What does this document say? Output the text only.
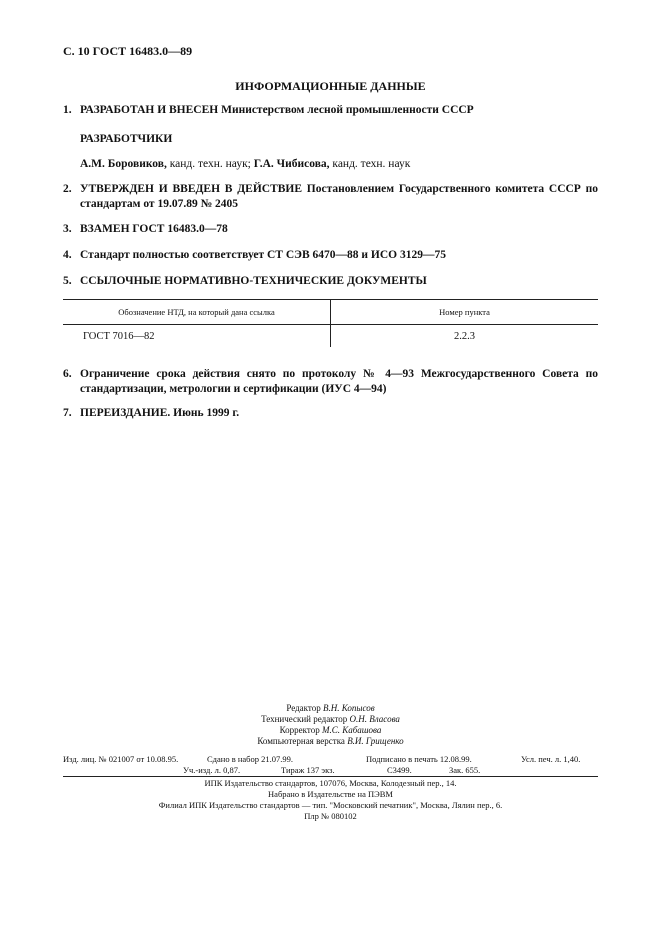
С. 10 ГОСТ 16483.0—89
ИНФОРМАЦИОННЫЕ ДАННЫЕ
1. РАЗРАБОТАН И ВНЕСЕН Министерством лесной промышленности СССР
РАЗРАБОТЧИКИ
А.М. Боровиков, канд. техн. наук; Г.А. Чибисова, канд. техн. наук
2. УТВЕРЖДЕН И ВВЕДЕН В ДЕЙСТВИЕ Постановлением Государственного комитета СССР по стандартам от 19.07.89 № 2405
3. ВЗАМЕН ГОСТ 16483.0—78
4. Стандарт полностью соответствует СТ СЭВ 6470—88 и ИСО 3129—75
5. ССЫЛОЧНЫЕ НОРМАТИВНО-ТЕХНИЧЕСКИЕ ДОКУМЕНТЫ
Обозначение НТД, на который дана ссылка	Номер пункта
ГОСТ 7016—82	2.2.3
6. Ограничение срока действия снято по протоколу № 4—93 Межгосударственного Совета по стандартизации, метрологии и сертификации (ИУС 4—94)
7. ПЕРЕИЗДАНИЕ. Июнь 1999 г.
Редактор В.Н. Копысов
Технический редактор О.Н. Власова
Корректор М.С. Кабашова
Компьютерная верстка В.И. Грищенко
Изд. лиц. № 021007 от 10.08.95.	Сдано в набор 21.07.99.	Подписано в печать 12.08.99.	Усл. печ. л. 1,40.
Уч.-изд. л. 0,87.	Тираж 137 экз.	С3499.	Зак. 655.
ИПК Издательство стандартов, 107076, Москва, Колодезный пер., 14.
Набрано в Издательстве на ПЭВМ
Филиал ИПК Издательство стандартов — тип. "Московский печатник", Москва, Лялин пер., 6.
Плр № 080102
